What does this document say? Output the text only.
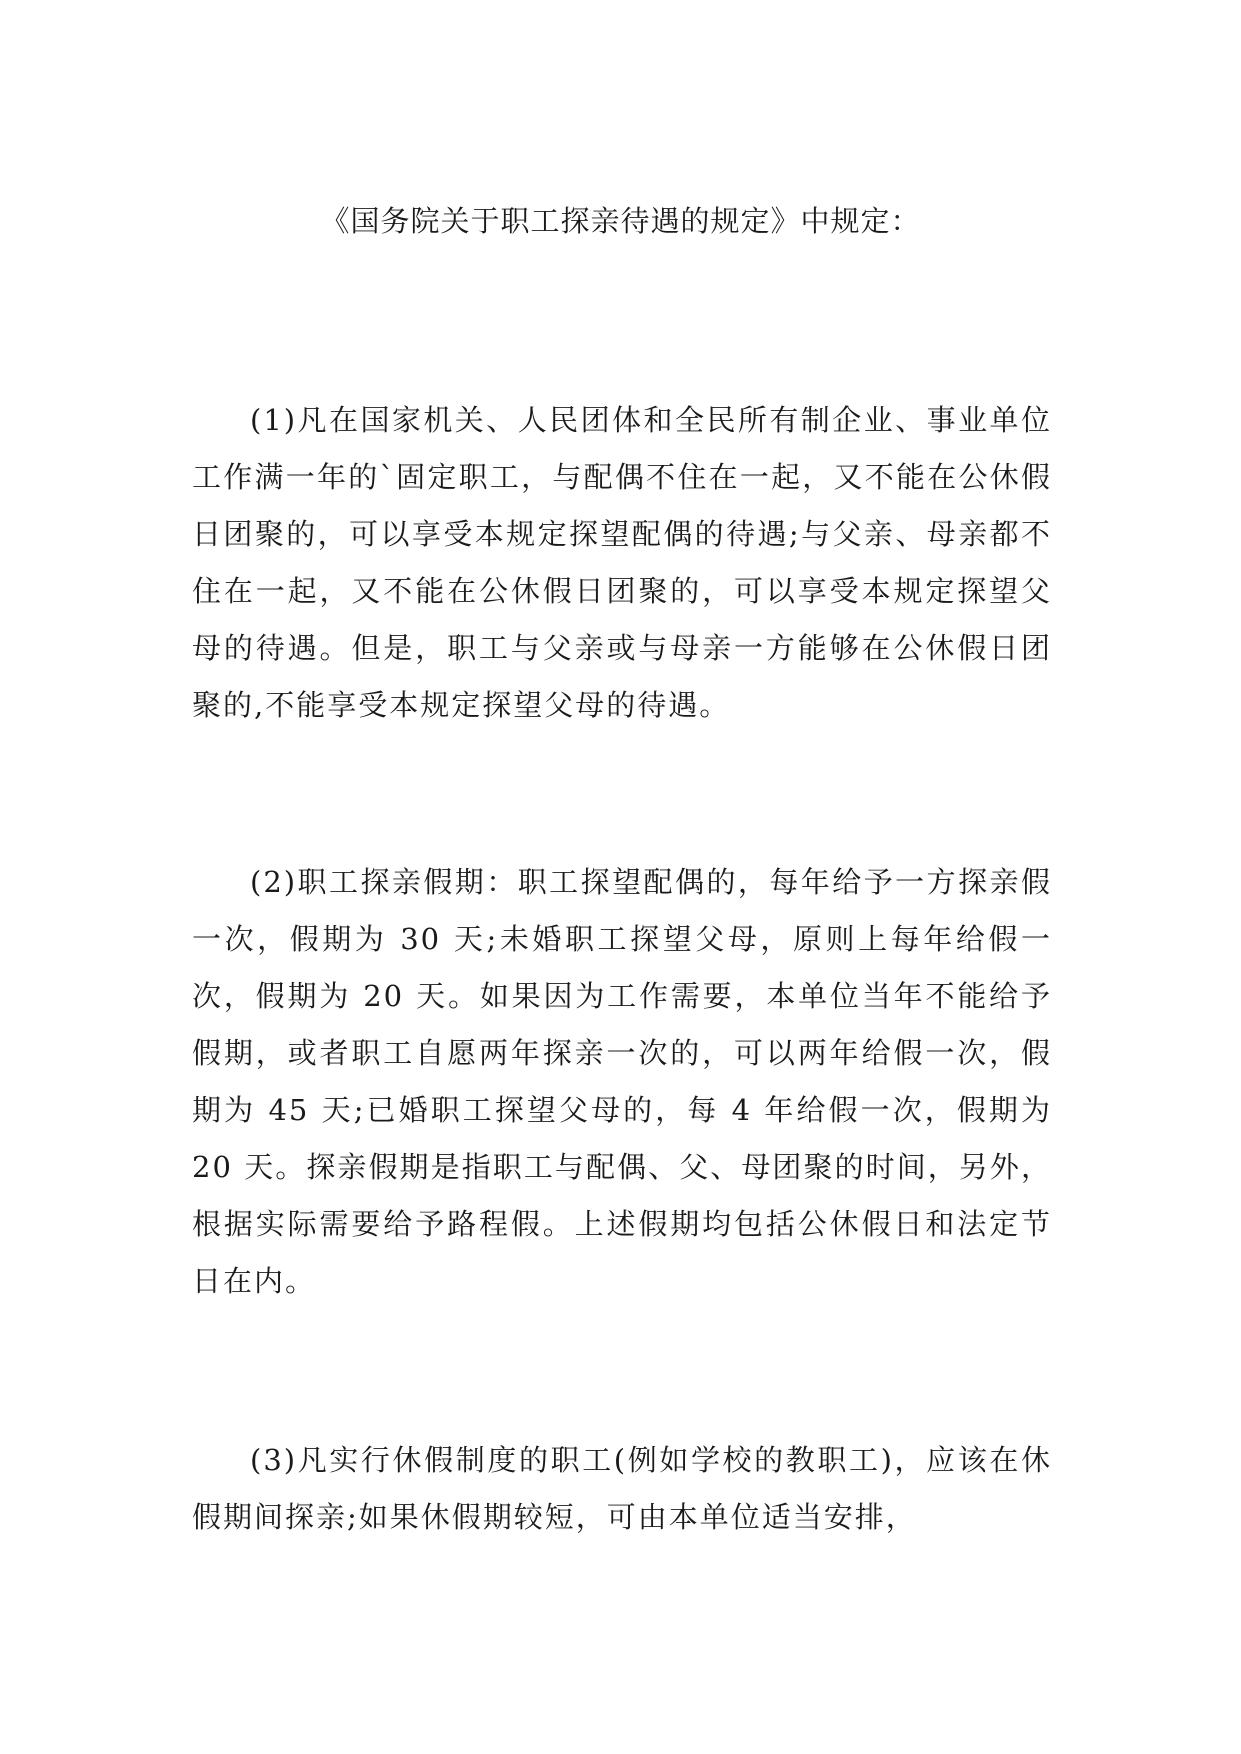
《国务院关于职工探亲待遇的规定》中规定：

(1)凡在国家机关、人民团体和全民所有制企业、事业单位工作满一年的`固定职工，与配偶不住在一起，又不能在公休假日团聚的，可以享受本规定探望配偶的待遇;与父亲、母亲都不住在一起，又不能在公休假日团聚的，可以享受本规定探望父母的待遇。但是，职工与父亲或与母亲一方能够在公休假日团聚的,不能享受本规定探望父母的待遇。

(2)职工探亲假期：职工探望配偶的，每年给予一方探亲假一次，假期为 30 天;未婚职工探望父母，原则上每年给假一次，假期为 20 天。如果因为工作需要，本单位当年不能给予假期，或者职工自愿两年探亲一次的，可以两年给假一次，假期为 45 天;已婚职工探望父母的，每 4 年给假一次，假期为 20 天。探亲假期是指职工与配偶、父、母团聚的时间，另外，根据实际需要给予路程假。上述假期均包括公休假日和法定节日在内。

(3)凡实行休假制度的职工(例如学校的教职工)，应该在休假期间探亲;如果休假期较短，可由本单位适当安排，
